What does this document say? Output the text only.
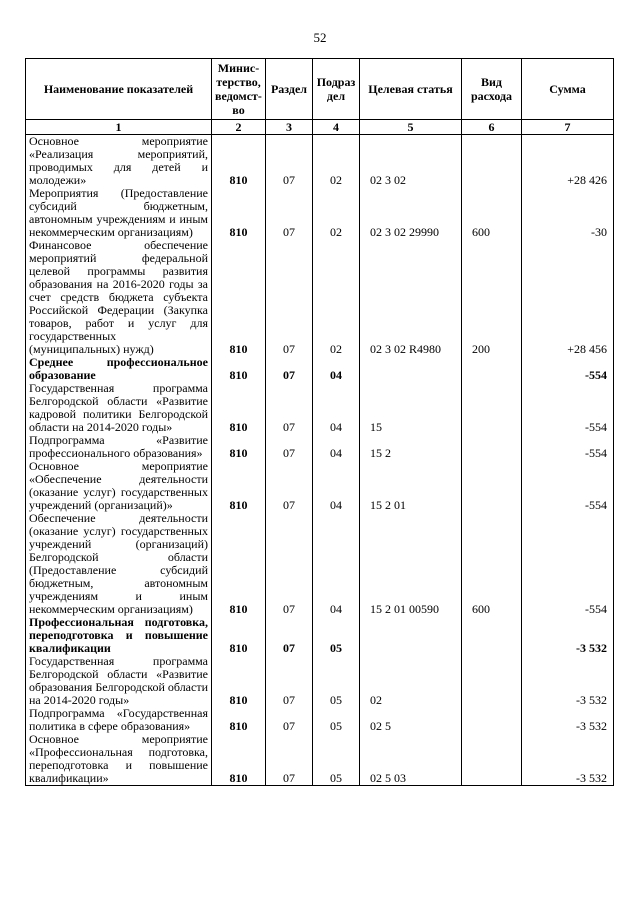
52
Наименование показателей	Минис-терство, ведомст-во	Раздел	Подраз дел	Целевая статья	Вид расхода	Сумма
1	2	3	4	5	6	7
Основное мероприятие «Реализация мероприятий, проводимых для детей и молодежи»	810	07	02	02 3 02		+28 426
Мероприятия (Предоставление субсидий бюджетным, автономным учреждениям и иным некоммерческим организациям)	810	07	02	02 3 02 29990	600	-30
Финансовое обеспечение мероприятий федеральной целевой программы развития образования на 2016-2020 годы за счет средств бюджета субъекта Российской Федерации (Закупка товаров, работ и услуг для государственных (муниципальных) нужд)	810	07	02	02 3 02 R4980	200	+28 456
Среднее профессиональное образование	810	07	04			-554
Государственная программа Белгородской области «Развитие кадровой политики Белгородской области на 2014-2020 годы»	810	07	04	15		-554
Подпрограмма «Развитие профессионального образования»	810	07	04	15 2		-554
Основное мероприятие «Обеспечение деятельности (оказание услуг) государственных учреждений (организаций)»	810	07	04	15 2 01		-554
Обеспечение деятельности (оказание услуг) государственных учреждений (организаций) Белгородской области (Предоставление субсидий бюджетным, автономным учреждениям и иным некоммерческим организациям)	810	07	04	15 2 01 00590	600	-554
Профессиональная подготовка, переподготовка и повышение квалификации	810	07	05			-3 532
Государственная программа Белгородской области «Развитие образования Белгородской области на 2014-2020 годы»	810	07	05	02		-3 532
Подпрограмма «Государственная политика в сфере образования»	810	07	05	02 5		-3 532
Основное мероприятие «Профессиональная подготовка, переподготовка и повышение квалификации»	810	07	05	02 5 03		-3 532
